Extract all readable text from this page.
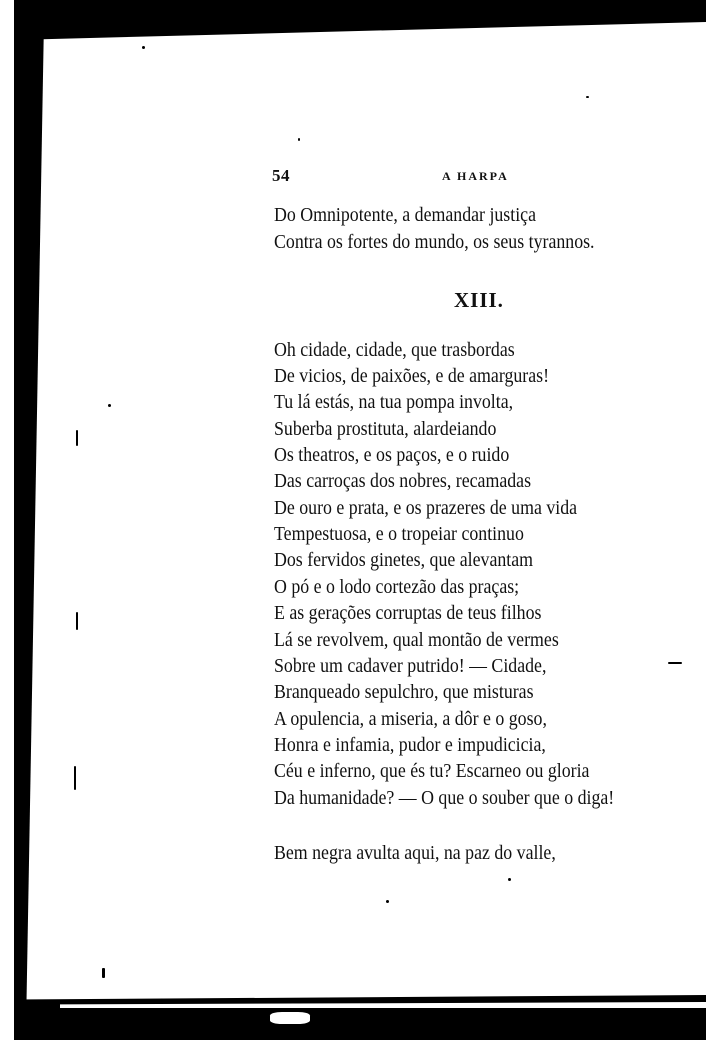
54	A HARPA
Do Omnipotente, a demandar justiça
Contra os fortes do mundo, os seus tyrannos.
XIII.
Oh cidade, cidade, que trasbordas
De vicios, de paixões, e de amarguras!
Tu lá estás, na tua pompa involta,
Suberba prostituta, alardeiando
Os theatros, e os paços, e o ruido
Das carroças dos nobres, recamadas
De ouro e prata, e os prazeres de uma vida
Tempestuosa, e o tropeiar continuo
Dos fervidos ginetes, que alevantam
O pó e o lodo cortezão das praças;
E as gerações corruptas de teus filhos
Lá se revolvem, qual montão de vermes
Sobre um cadaver putrido! — Cidade,
Branqueado sepulchro, que misturas
A opulencia, a miseria, a dôr e o goso,
Honra e infamia, pudor e impudicicia,
Céu e inferno, que és tu? Escarneo ou gloria
Da humanidade? — O que o souber que o diga!
Bem negra avulta aqui, na paz do valle,
